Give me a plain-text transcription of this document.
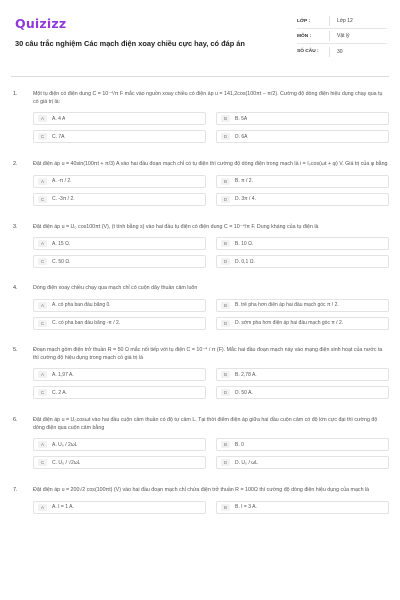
Quizizz
30 câu trắc nghiệm Các mạch điện xoay chiều cực hay, có đáp án
LỚP :	Lớp 12
MÔN :	Vật lý
SỐ CÂU :	30
1.	Một tụ điện có điện dung C = 10⁻⁴/π F mắc vào nguồn xoay chiều có điện áp u = 141,2cos(100πt − π/2). Cường độ dòng điện hiệu dụng chạy qua tụ có giá trị là:
A	A. 4 A	B	B. 5A
C	C. 7A	D	D. 6A
2.	Đặt điện áp u = 40sin(100πt + π/3) A vào hai đầu đoạn mạch chỉ có tụ điện thì cường độ dòng điện trong mạch là i = I₀cos(ωt + φ) V. Giá trị của φ bằng
A	A. -π / 2.	B	B. π / 2.
C	C. -3π / 2.	D	D. 3π / 4.
3.	Đặt điện áp u = U₀ cos100πt (V), (t tính bằng s) vào hai đầu tụ điện có điện dung C = 10⁻⁴/π F. Dung kháng của tụ điện là
A	A. 15 Ω.	B	B. 10 Ω.
C	C. 50 Ω.	D	D. 0,1 Ω.
4.	Dòng điện xoay chiều chạy qua mạch chỉ có cuộn dây thuần cảm luôn
A	A. có pha ban đầu bằng 0.	B	B. trễ pha hơn điện áp hai đầu mạch góc π / 2.
C	C. có pha ban đầu bằng -π / 2.	D	D. sớm pha hơn điện áp hai đầu mạch góc π / 2.
5.	Đoạn mạch gồm điện trở thuần R = 50 Ω mắc nối tiếp với tụ điện C = 10⁻⁴ / π (F). Mắc hai đầu đoạn mạch này vào mạng điện sinh hoạt của nước ta thì cường độ hiệu dụng trong mạch có giá trị là
A	A. 1,97 A.	B	B. 2,78 A.
C	C. 2 A.	D	D. 50 A.
6.	Đặt điện áp u = U₀cosωt vào hai đầu cuộn cảm thuần có độ tự cảm L. Tại thời điểm điện áp giữa hai đầu cuộn cảm có độ lớn cực đại thì cường độ dòng điện qua cuộn cảm bằng
A	A. U₀ / 2ωL	B	B. 0
C	C. U₀ / √2ωL	D	D. U₀ / ωL
7.	Đặt điện áp u = 200√2 cos(100πt) (V) vào hai đầu đoạn mạch chỉ chứa điện trở thuần R = 100Ω thì cường độ dòng điện hiệu dụng của mạch là
A	A. I = 1 A.	B	B. I = 3 A.
